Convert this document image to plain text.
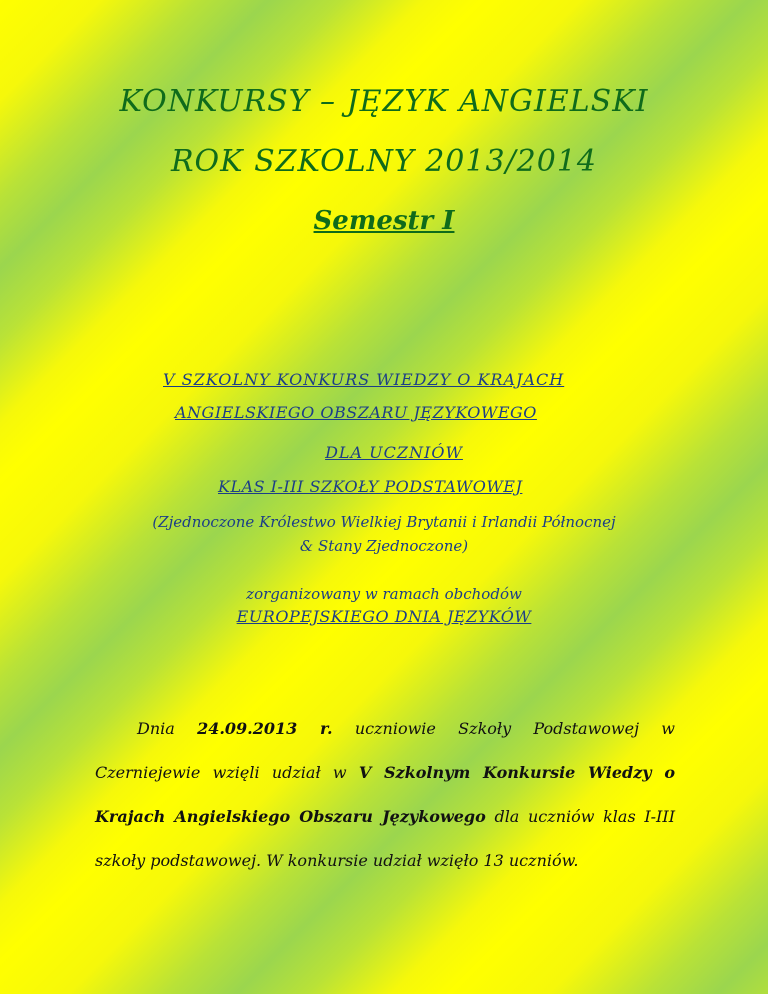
KONKURSY – JĘZYK ANGIELSKI
ROK SZKOLNY 2013/2014
Semestr I
V SZKOLNY KONKURS WIEDZY O KRAJACH
ANGIELSKIEGO OBSZARU JĘZYKOWEGO
DLA UCZNIÓW
KLAS I-III SZKOŁY PODSTAWOWEJ
(Zjednoczone Królestwo Wielkiej Brytanii i Irlandii Północnej
& Stany Zjednoczone)
zorganizowany w ramach obchodów
EUROPEJSKIEGO DNIA JĘZYKÓW
Dnia 24.09.2013 r. uczniowie Szkoły Podstawowej w Czerniejewie wzięli udział w V Szkolnym Konkursie Wiedzy o Krajach Angielskiego Obszaru Językowego dla uczniów klas I-III szkoły podstawowej. W konkursie udział wzięło 13 uczniów.
